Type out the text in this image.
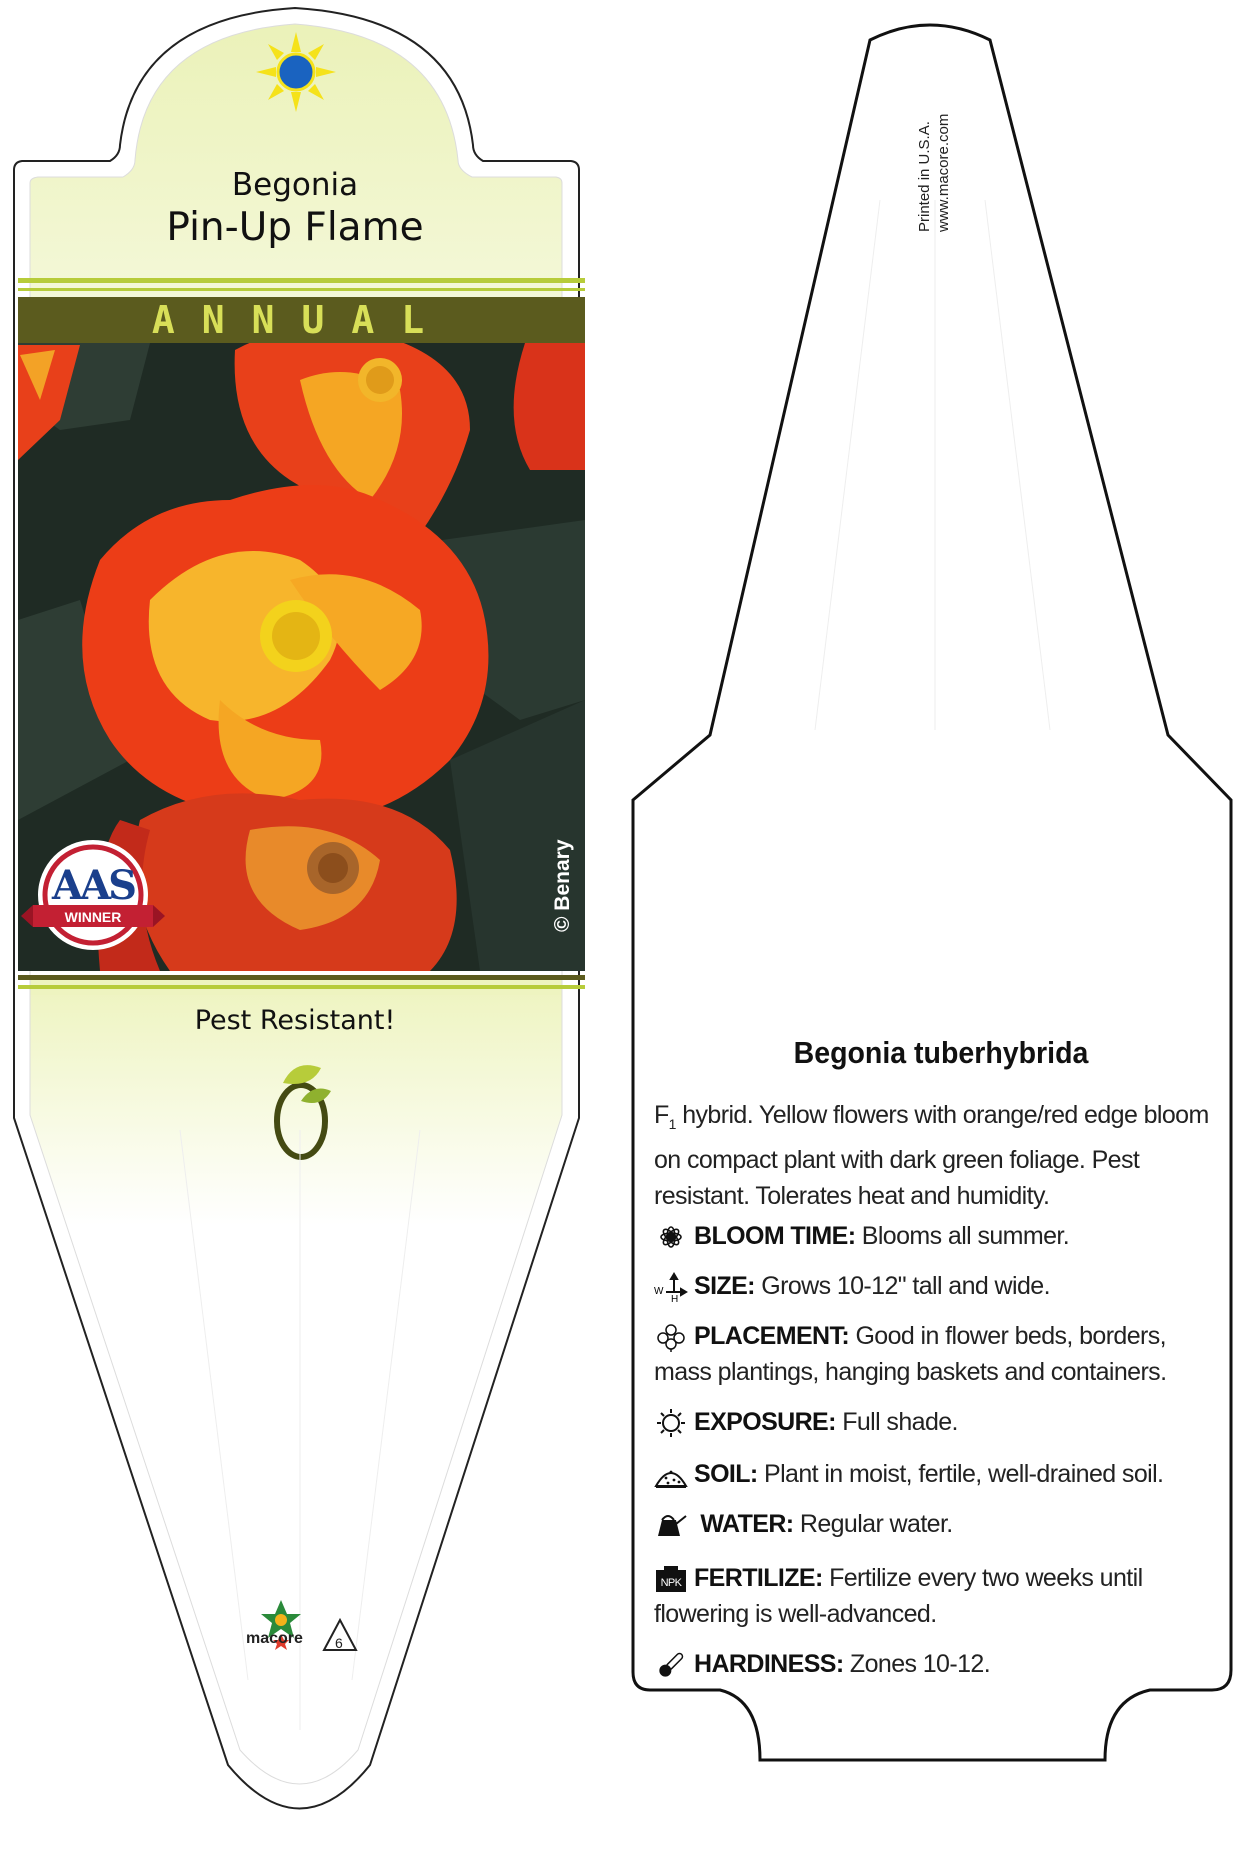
Begonia
Pin-Up Flame
ANNUAL
AAS
WINNER	© Benary
Pest Resistant!
macore 6
Printed in U.S.A. www.macore.com
Begonia tuberhybrida
$F_1$ hybrid. Yellow flowers with orange/red edge bloom on compact plant with dark green foliage. Pest resistant. Tolerates heat and humidity.
BLOOM TIME: Blooms all summer.
W
H SIZE: Grows 10-12" tall and wide.
PLACEMENT: Good in flower beds, borders, mass plantings, hanging baskets and containers.
EXPOSURE: Full shade.
SOIL: Plant in moist, fertile, well-drained soil.
WATER: Regular water.
NPK FERTILIZE: Fertilize every two weeks until flowering is well-advanced.
HARDINESS: Zones 10-12.
